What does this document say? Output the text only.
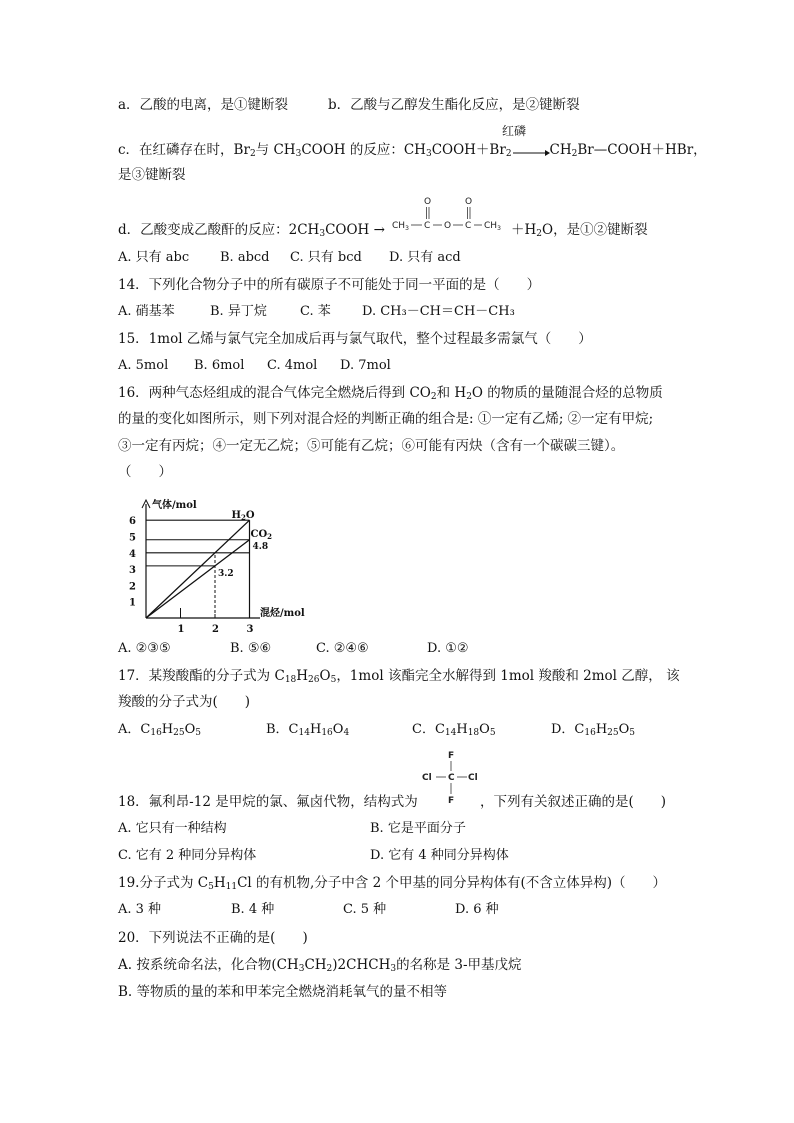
a．乙酸的电离，是①键断裂	b．乙酸与乙醇发生酯化反应，是②键断裂
红磷
c．在红磷存在时，$Br_2$与 $CH_3COOH$ 的反应：$CH_3COOH+Br_2\to CH_2Br—COOH+HBr$，
是③键断裂
$CH_3$ C
O
O C
O
$CH_3$
d．乙酸变成乙酸酐的反应：$2CH_3COOH$ →	$+H_2O$，是①②键断裂
A. 只有 abc B. abcd C. 只有 bcd D. 只有 acd
14．下列化合物分子中的所有碳原子不可能处于同一平面的是（　　）
A. 硝基苯	B. 异丁烷	C. 苯 D. CH₃－CH＝CH－CH₃
15．1mol 乙烯与氯气完全加成后再与氯气取代，整个过程最多需氯气（　　）
A. 5mol B. 6mol C. 4mol D. 7mol
16．两种气态烃组成的混合气体完全燃烧后得到 $CO_2$和 $H_2O$ 的物质的量随混合烃的总物质
的量的变化如图所示，则下列对混合烃的判断正确的组合是: ①一定有乙烯; ②一定有甲烷;
③一定有丙烷；④一定无乙烷；⑤可能有乙烷；⑥可能有丙炔（含有一个碳碳三键）。
（　　）
气体/mol
混烃/mol
1
2
3
4
5
6
1	2	3
$H_2O$
$CO_2$
4.8
3.2
A. ②③⑤	B. ⑤⑥	C. ②④⑥	D. ①②
17．某羧酸酯的分子式为 $C_{18}H_{26}O_5$，1mol 该酯完全水解得到 1mol 羧酸和 2mol 乙醇， 该
羧酸的分子式为(　　)
A．$C_{16}H_{25}O_5$	B．$C_{14}H_{16}O_4$	C．$C_{14}H_{18}O_5$	D．$C_{16}H_{25}O_5$
F
Cl C Cl
F
18．氟利昂-12 是甲烷的氯、氟卤代物，结构式为	，下列有关叙述正确的是(　　)
A. 它只有一种结构	B. 它是平面分子
C. 它有 2 种同分异构体	D. 它有 4 种同分异构体
19.分子式为 $C_5H_{11}Cl$ 的有机物,分子中含 2 个甲基的同分异构体有(不含立体异构)（　　）
A. 3 种	B. 4 种	C. 5 种	D. 6 种
20．下列说法不正确的是(　　)
A. 按系统命名法，化合物$(CH_3CH_2)2CHCH_3$的名称是 3-甲基戊烷
B. 等物质的量的苯和甲苯完全燃烧消耗氧气的量不相等
